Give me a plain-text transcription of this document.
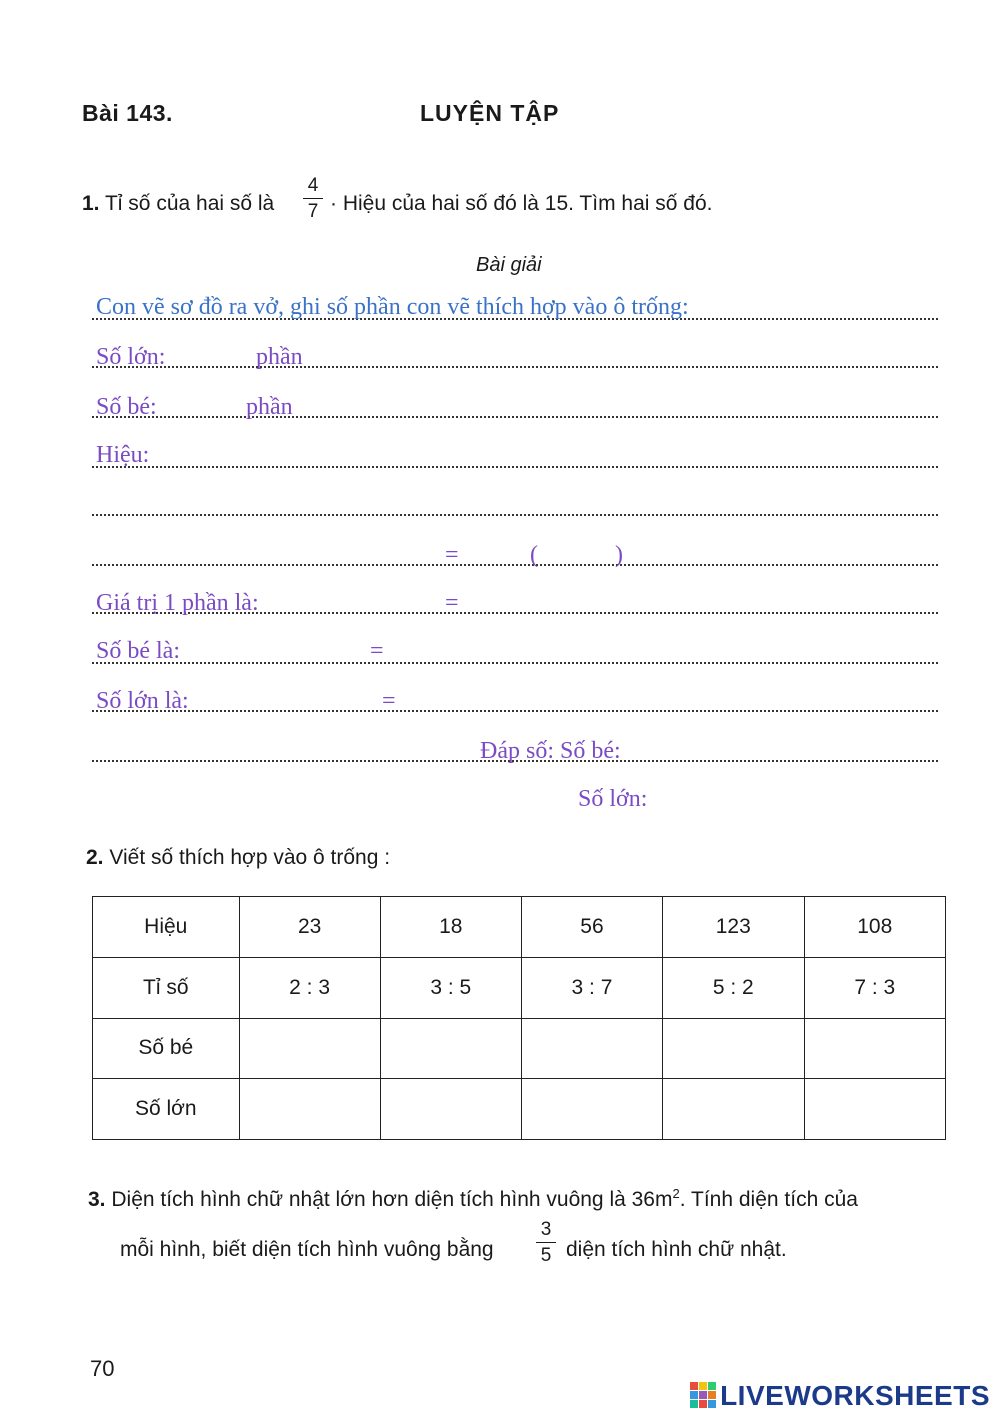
Bài 143.	LUYỆN TẬP
1. Tỉ số của hai số là
4
7 · Hiệu của hai số đó là 15. Tìm hai số đó.
Bài giải
Con vẽ sơ đồ ra vở, ghi số phần con vẽ thích hợp vào ô trống:
Số lớn:	phần
Số bé:	phần
Hiệu:
=	(	)
Giá trị 1 phần là:	=
Số bé là:	=
Số lớn là:	=
Đáp số: Số bé:
Số lớn:
2. Viết số thích hợp vào ô trống :
Hiệu	23	18	56	123	108
Tỉ số	2 : 3	3 : 5	3 : 7	5 : 2	7 : 3
Số bé					
Số lớn					
3. Diện tích hình chữ nhật lớn hơn diện tích hình vuông là $36m^2$. Tính diện tích của
mỗi hình, biết diện tích hình vuông bằng
3
5 diện tích hình chữ nhật.
70
LIVEWORKSHEETS
